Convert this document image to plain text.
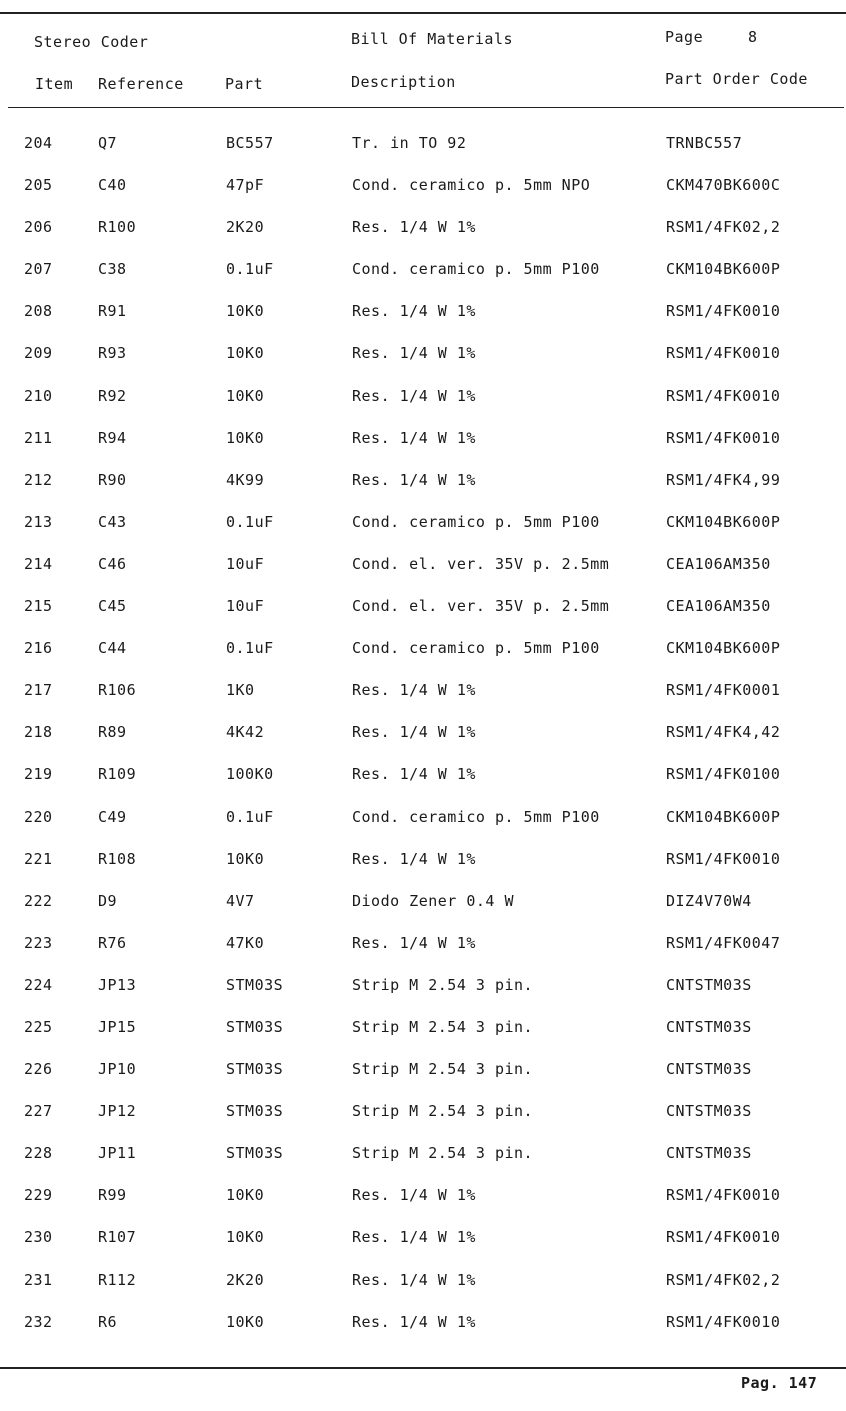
Stereo Coder	Bill Of Materials	Page	8
Item Reference	Part	Description	Part Order Code
204	Q7	BC557	Tr. in TO 92	TRNBC557
205	C40	47pF	Cond. ceramico p. 5mm NPO	CKM470BK600C
206	R100	2K20	Res. 1/4 W 1%	RSM1/4FK02,2
207	C38	0.1uF	Cond. ceramico p. 5mm P100	CKM104BK600P
208	R91	10K0	Res. 1/4 W 1%	RSM1/4FK0010
209	R93	10K0	Res. 1/4 W 1%	RSM1/4FK0010
210	R92	10K0	Res. 1/4 W 1%	RSM1/4FK0010
211	R94	10K0	Res. 1/4 W 1%	RSM1/4FK0010
212	R90	4K99	Res. 1/4 W 1%	RSM1/4FK4,99
213	C43	0.1uF	Cond. ceramico p. 5mm P100	CKM104BK600P
214	C46	10uF	Cond. el. ver. 35V p. 2.5mm	CEA106AM350
215	C45	10uF	Cond. el. ver. 35V p. 2.5mm	CEA106AM350
216	C44	0.1uF	Cond. ceramico p. 5mm P100	CKM104BK600P
217	R106	1K0	Res. 1/4 W 1%	RSM1/4FK0001
218	R89	4K42	Res. 1/4 W 1%	RSM1/4FK4,42
219	R109	100K0	Res. 1/4 W 1%	RSM1/4FK0100
220	C49	0.1uF	Cond. ceramico p. 5mm P100	CKM104BK600P
221	R108	10K0	Res. 1/4 W 1%	RSM1/4FK0010
222	D9	4V7	Diodo Zener 0.4 W	DIZ4V70W4
223	R76	47K0	Res. 1/4 W 1%	RSM1/4FK0047
224	JP13	STM03S	Strip M 2.54 3 pin.	CNTSTM03S
225	JP15	STM03S	Strip M 2.54 3 pin.	CNTSTM03S
226	JP10	STM03S	Strip M 2.54 3 pin.	CNTSTM03S
227	JP12	STM03S	Strip M 2.54 3 pin.	CNTSTM03S
228	JP11	STM03S	Strip M 2.54 3 pin.	CNTSTM03S
229	R99	10K0	Res. 1/4 W 1%	RSM1/4FK0010
230	R107	10K0	Res. 1/4 W 1%	RSM1/4FK0010
231	R112	2K20	Res. 1/4 W 1%	RSM1/4FK02,2
232	R6	10K0	Res. 1/4 W 1%	RSM1/4FK0010
Pag. 147
